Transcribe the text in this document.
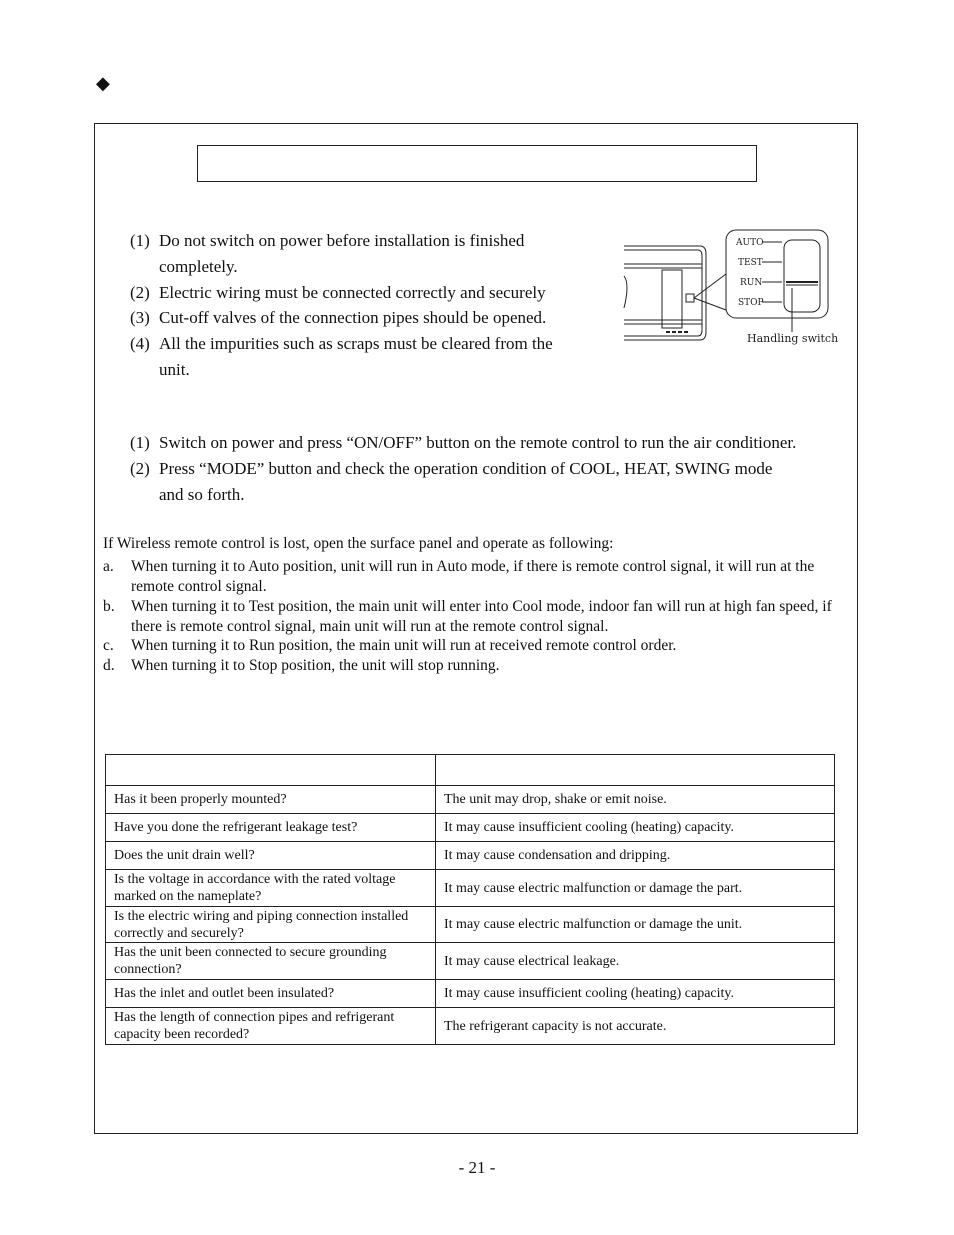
◆
(1) Do not switch on power before installation is finished
completely.
(2) Electric wiring must be connected correctly and securely
(3) Cut-off valves of the connection pipes should be opened.
(4) All the impurities such as scraps must be cleared from the
unit.
AUTO
TEST
RUN
STOP
Handling switch
(1) Switch on power and press “ON/OFF” button on the remote control to run the air conditioner.
(2) Press “MODE” button and check the operation condition of COOL, HEAT, SWING mode
and so forth.
If Wireless remote control is lost, open the surface panel and operate as following:
a. When turning it to Auto position, unit will run in Auto mode, if there is remote control signal, it will run at the remote control signal.
b. When turning it to Test position, the main unit will enter into Cool mode, indoor fan will run at high fan speed, if there is remote control signal, main unit will run at the remote control signal.
c. When turning it to Run position, the main unit will run at received remote control order.
d. When turning it to Stop position, the unit will stop running.

Has it been properly mounted?	The unit may drop, shake or emit noise.
Have you done the refrigerant leakage test?	It may cause insufficient cooling (heating) capacity.
Does the unit drain well?	It may cause condensation and dripping.
Is the voltage in accordance with the rated voltage marked on the nameplate?	It may cause electric malfunction or damage the part.
Is the electric wiring and piping connection installed correctly and securely?	It may cause electric malfunction or damage the unit.
Has the unit been connected to secure grounding connection?	It may cause electrical leakage.
Has the inlet and outlet been insulated?	It may cause insufficient cooling (heating) capacity.
Has the length of connection pipes and refrigerant capacity been recorded?	The refrigerant capacity is not accurate.
- 21 -
